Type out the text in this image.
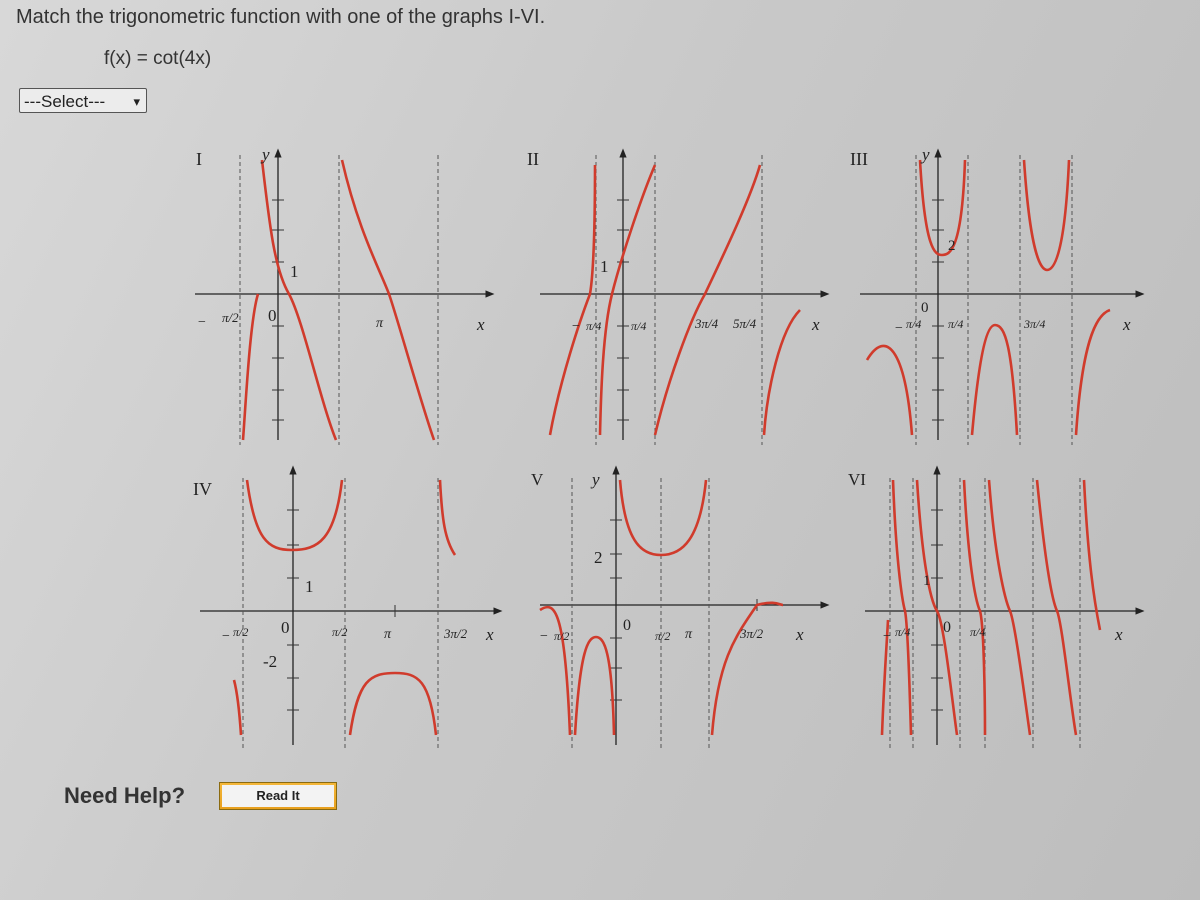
Match the trigonometric function with one of the graphs I-VI.
f(x) = cot(4x)
---Select--- ▾
I
− π/2 0
1
π	x
y	II
− π/4 π/4	3π/4 5π/4
1
x
III
− π/4
0
π/4	3π/4
2
x
y
IV
− π/2 0
1
-2
π/2	π	3π/2 x
V
− π/2
0
2
π/2 π	3π/2 x
y	VI
− π/4 0
1
π/4	x
Need Help?	Read It
